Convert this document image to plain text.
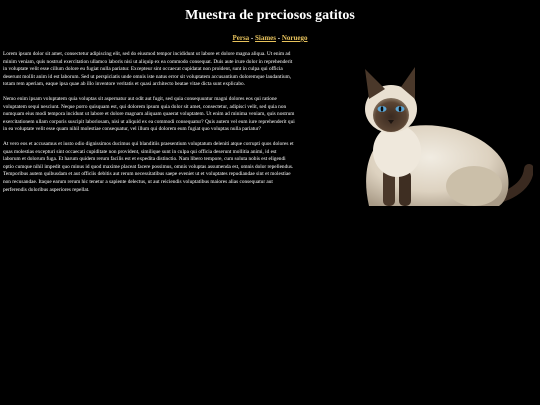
Muestra de preciosos gatitos
Persa - Siames - Noruego

Lorem ipsum dolor sit amet, consectetur adipiscing elit, sed do eiusmod tempor incididunt ut labore et dolore magna aliqua. Ut enim ad minim veniam, quis nostrud exercitation ullamco laboris nisi ut aliquip ex ea commodo consequat. Duis aute irure dolor in reprehenderit in voluptate velit esse cillum dolore eu fugiat nulla pariatur. Excepteur sint occaecat cupidatat non proident, sunt in culpa qui officia deserunt mollit anim id est laborum. Sed ut perspiciatis unde omnis iste natus error sit voluptatem accusantium doloremque laudantium, totam rem aperiam, eaque ipsa quae ab illo inventore veritatis et quasi architecto beatae vitae dicta sunt explicabo.

Nemo enim ipsam voluptatem quia voluptas sit aspernatur aut odit aut fugit, sed quia consequuntur magni dolores eos qui ratione voluptatem sequi nesciunt. Neque porro quisquam est, qui dolorem ipsum quia dolor sit amet, consectetur, adipisci velit, sed quia non numquam eius modi tempora incidunt ut labore et dolore magnam aliquam quaerat voluptatem. Ut enim ad minima veniam, quis nostrum exercitationem ullam corporis suscipit laboriosam, nisi ut aliquid ex ea commodi consequatur? Quis autem vel eum iure reprehenderit qui in ea voluptate velit esse quam nihil molestiae consequatur, vel illum qui dolorem eum fugiat quo voluptas nulla pariatur?

At vero eos et accusamus et iusto odio dignissimos ducimus qui blanditiis praesentium voluptatum deleniti atque corrupti quos dolores et quas molestias excepturi sint occaecati cupiditate non provident, similique sunt in culpa qui officia deserunt mollitia animi, id est laborum et dolorum fuga. Et harum quidem rerum facilis est et expedita distinctio. Nam libero tempore, cum soluta nobis est eligendi optio cumque nihil impedit quo minus id quod maxime placeat facere possimus, omnis voluptas assumenda est, omnis dolor repellendus. Temporibus autem quibusdam et aut officiis debitis aut rerum necessitatibus saepe eveniet ut et voluptates repudiandae sint et molestiae non recusandae. Itaque earum rerum hic tenetur a sapiente delectus, ut aut reiciendis voluptatibus maiores alias consequatur aut perferendis doloribus asperiores repellat.
